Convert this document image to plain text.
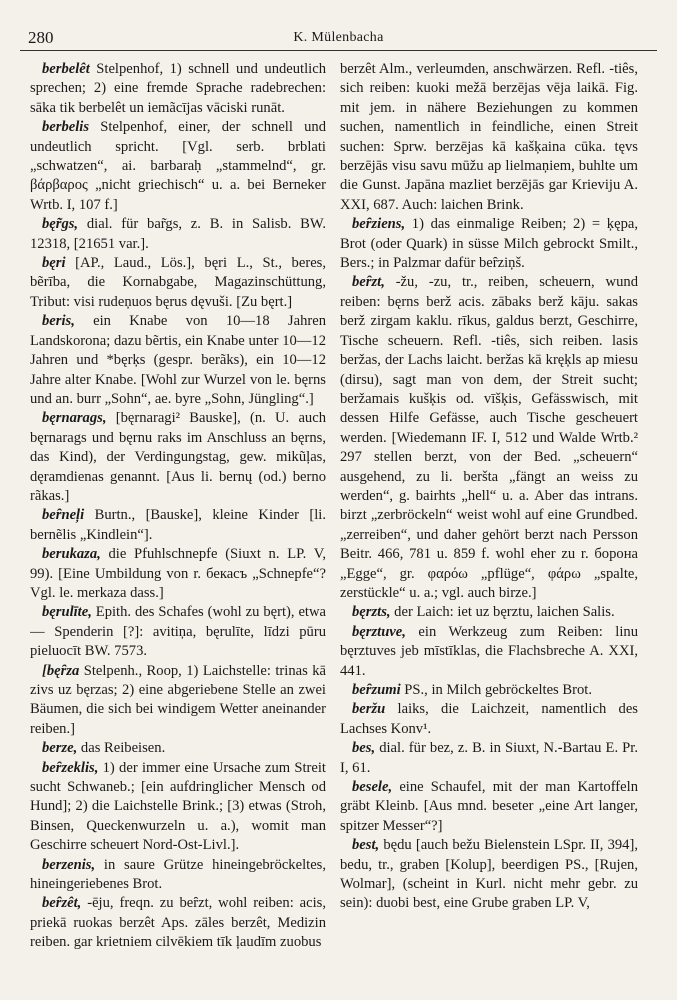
280	K. Mülenbacha

berbelêt Stelpenhof, 1) schnell und undeutlich sprechen; 2) eine fremde Sprache radebrechen: sāka tik berbelêt un iemãcījas vāciski runāt.

berbelis Stelpenhof, einer, der schnell und undeutlich spricht. [Vgl. serb. brblati „schwatzen“, ai. barbaraḥ „stammelnd“, gr. βάρβαρος „nicht griechisch“ u. a. bei Berneker Wrtb. I, 107 f.]

bęr̃gs, dial. für bar̃gs, z. B. in Salisb. BW. 12318, [21651 var.].

bęri [AP., Laud., Lös.], bęri L., St., beres, bẽrība, die Kornabgabe, Magazinschüttung, Tribut: visi rudeņuos bęrus dęvuši. [Zu bęrt.]

beris, ein Knabe von 10—18 Jahren Landskorona; dazu bẽrtis, ein Knabe unter 10—12 Jahren und *bęrķs (gespr. berãks), ein 10—12 Jahre alter Knabe. [Wohl zur Wurzel von le. bęrns und an. burr „Sohn“, ae. byre „Sohn, Jüngling“.]

bęrnarags, [bęrnaragi² Bauske], (n. U. auch bęrnarags und bęrnu raks im Anschluss an bęrns, das Kind), der Verdingungstag, gew. mikũļas, dęramdienas genannt. [Aus li. bernų (od.) berno rãkas.]

beȓneļi Burtn., [Bauske], kleine Kinder [li. bernẽlis „Kindlein“].

berukaza, die Pfuhlschnepfe (Siuxt n. LP. V, 99). [Eine Umbildung von r. бекасъ „Schnepfe“? Vgl. le. merkaza dass.]

bęrulīte, Epith. des Schafes (wohl zu bęrt), etwa — Spenderin [?]: avitiņa, bęrulīte, līdzi pūru pieluocīt BW. 7573.

[bęȓza Stelpenh., Roop, 1) Laichstelle: trinas kā zivs uz bęrzas; 2) eine abgeriebene Stelle an zwei Bäumen, die sich bei windigem Wetter aneinander reiben.]

berze, das Reibeisen.

beȓzeklis, 1) der immer eine Ursache zum Streit sucht Schwaneb.; [ein aufdringlicher Mensch od Hund]; 2) die Laichstelle Brink.; [3) etwas (Stroh, Binsen, Queckenwurzeln u. a.), womit man Geschirre scheuert Nord-Ost-Livl.].

berzenis, in saure Grütze hineingebröckeltes, hineingeriebenes Brot.

beȓzêt, -ēju, freqn. zu beȓzt, wohl reiben: acis, priekā ruokas berzêt Aps. zāles berzêt, Medizin reiben. gar krietniem cilvēkiem tīk ļaudīm zuobus

berzêt Alm., verleumden, anschwärzen. Refl. -tiês, sich reiben: kuoki mežā berzējas vēja laikā. Fig. mit jem. in nähere Beziehungen zu kommen suchen, namentlich in feindliche, einen Streit suchen: Sprw. berzējas kā kašķaina cūka. tęvs berzējās visu savu mūžu ap lielmaņiem, buhlte um die Gunst. Japāna mazliet berzējās gar Krieviju A. XXI, 687. Auch: laichen Brink.

beȓziens, 1) das einmalige Reiben; 2) = ķępa, Brot (oder Quark) in süsse Milch gebrockt Smilt., Bers.; in Palzmar dafür beȓziņš.

beȓzt, -žu, -zu, tr., reiben, scheuern, wund reiben: bęrns berž acis. zābaks berž kāju. sakas berž zirgam kaklu. rīkus, galdus berzt, Geschirre, Tische scheuern. Refl. -tiês, sich reiben. lasis beržas, der Lachs laicht. beržas kā kręķls ap miesu (dirsu), sagt man von dem, der Streit sucht; beržamais kušķis od. vīšķis, Gefässwisch, mit dessen Hilfe Gefässe, auch Tische gescheuert werden. [Wiedemann IF. I, 512 und Walde Wrtb.² 297 stellen berzt, von der Bed. „scheuern“ ausgehend, zu li. beršta „fängt an weiss zu werden“, g. bairhts „hell“ u. a. Aber das intrans. birzt „zerbröckeln“ weist wohl auf eine Grundbed. „zerreiben“, und daher gehört berzt nach Persson Beitr. 466, 781 u. 859 f. wohl eher zu r. борона „Egge“, gr. φαρόω „pflüge“, φάρω „spalte, zerstückle“ u. a.; vgl. auch birze.]

bęrzts, der Laich: iet uz bęrztu, laichen Salis.

bęrztuve, ein Werkzeug zum Reiben: linu bęrztuves jeb mīstīklas, die Flachsbreche A. XXI, 441.

beȓzumi PS., in Milch gebröckeltes Brot.

beržu laiks, die Laichzeit, namentlich des Lachses Konv¹.

bes, dial. für bez, z. B. in Siuxt, N.-Bartau E. Pr. I, 61.

besele, eine Schaufel, mit der man Kartoffeln gräbt Kleinb. [Aus mnd. beseter „eine Art langer, spitzer Messer“?]

best, będu [auch bežu Bielenstein LSpr. II, 394], bedu, tr., graben [Kolup], beerdigen PS., [Rujen, Wolmar], (scheint in Kurl. nicht mehr gebr. zu sein): duobi best, eine Grube graben LP. V,
